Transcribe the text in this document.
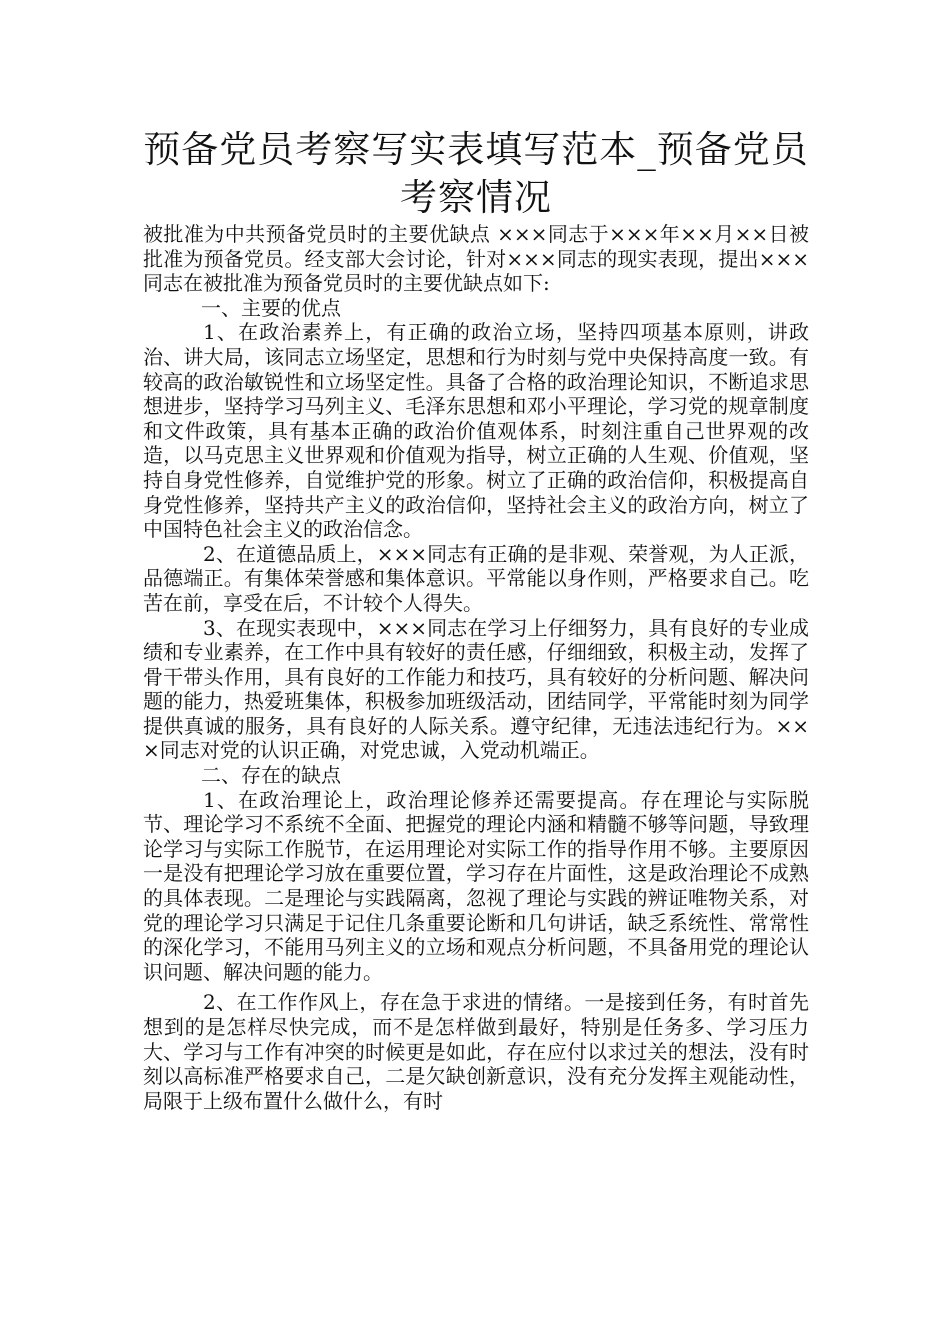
预备党员考察写实表填写范本_预备党员考察情况

被批准为中共预备党员时的主要优缺点 ×××同志于×××年××月××日被批准为预备党员。经支部大会讨论，针对×××同志的现实表现，提出×××同志在被批准为预备党员时的主要优缺点如下:

一、主要的优点

1、在政治素养上，有正确的政治立场，坚持四项基本原则，讲政治、讲大局，该同志立场坚定，思想和行为时刻与党中央保持高度一致。有较高的政治敏锐性和立场坚定性。具备了合格的政治理论知识，不断追求思想进步，坚持学习马列主义、毛泽东思想和邓小平理论，学习党的规章制度和文件政策，具有基本正确的政治价值观体系，时刻注重自己世界观的改造，以马克思主义世界观和价值观为指导，树立正确的人生观、价值观，坚持自身党性修养，自觉维护党的形象。树立了正确的政治信仰，积极提高自身党性修养，坚持共产主义的政治信仰，坚持社会主义的政治方向，树立了中国特色社会主义的政治信念。

2、在道德品质上，×××同志有正确的是非观、荣誉观，为人正派，品德端正。有集体荣誉感和集体意识。平常能以身作则，严格要求自己。吃苦在前，享受在后，不计较个人得失。

3、在现实表现中，×××同志在学习上仔细努力，具有良好的专业成绩和专业素养，在工作中具有较好的责任感，仔细细致，积极主动，发挥了骨干带头作用，具有良好的工作能力和技巧，具有较好的分析问题、解决问题的能力，热爱班集体，积极参加班级活动，团结同学，平常能时刻为同学提供真诚的服务，具有良好的人际关系。遵守纪律，无违法违纪行为。×××同志对党的认识正确，对党忠诚，入党动机端正。

二、存在的缺点

1、在政治理论上，政治理论修养还需要提高。存在理论与实际脱节、理论学习不系统不全面、把握党的理论内涵和精髓不够等问题，导致理论学习与实际工作脱节，在运用理论对实际工作的指导作用不够。主要原因一是没有把理论学习放在重要位置，学习存在片面性，这是政治理论不成熟的具体表现。二是理论与实践隔离，忽视了理论与实践的辨证唯物关系，对党的理论学习只满足于记住几条重要论断和几句讲话，缺乏系统性、常常性的深化学习，不能用马列主义的立场和观点分析问题，不具备用党的理论认识问题、解决问题的能力。

2、在工作作风上，存在急于求进的情绪。一是接到任务，有时首先想到的是怎样尽快完成，而不是怎样做到最好，特别是任务多、学习压力大、学习与工作有冲突的时候更是如此，存在应付以求过关的想法，没有时刻以高标准严格要求自己，二是欠缺创新意识，没有充分发挥主观能动性，局限于上级布置什么做什么，有时
